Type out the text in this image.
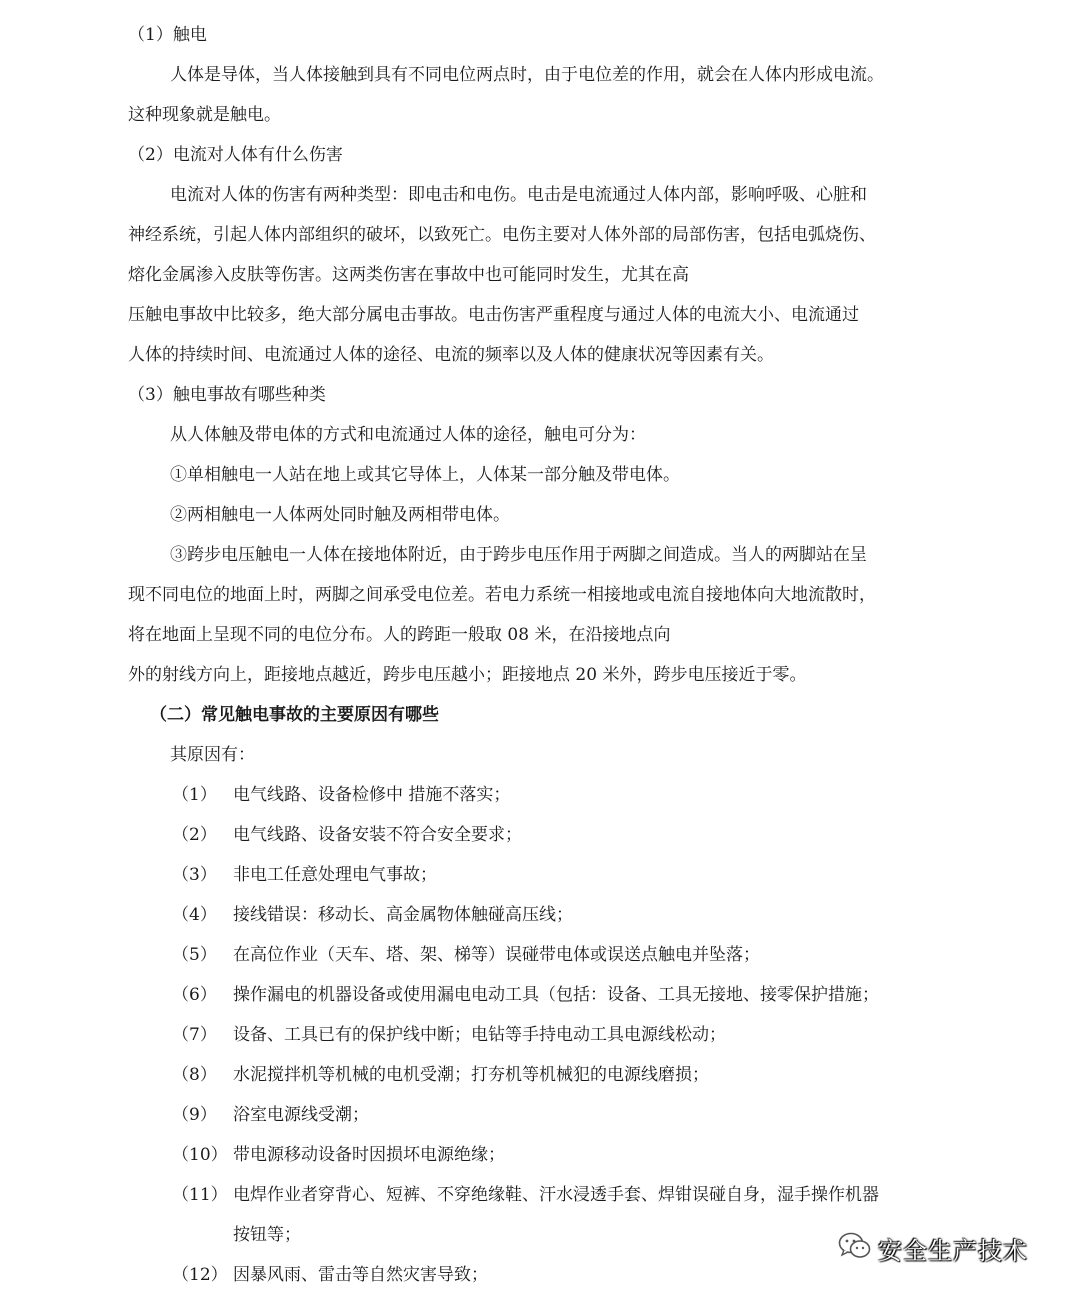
（1）触电
人体是导体，当人体接触到具有不同电位两点时，由于电位差的作用，就会在人体内形成电流。
这种现象就是触电。
（2）电流对人体有什么伤害
电流对人体的伤害有两种类型：即电击和电伤。电击是电流通过人体内部，影响呼吸、心脏和
神经系统，引起人体内部组织的破坏，以致死亡。电伤主要对人体外部的局部伤害，包括电弧烧伤、
熔化金属渗入皮肤等伤害。这两类伤害在事故中也可能同时发生，尤其在高
压触电事故中比较多，绝大部分属电击事故。电击伤害严重程度与通过人体的电流大小、电流通过
人体的持续时间、电流通过人体的途径、电流的频率以及人体的健康状况等因素有关。
（3）触电事故有哪些种类
从人体触及带电体的方式和电流通过人体的途径，触电可分为：
①单相触电一人站在地上或其它导体上，人体某一部分触及带电体。
②两相触电一人体两处同时触及两相带电体。
③跨步电压触电一人体在接地体附近，由于跨步电压作用于两脚之间造成。当人的两脚站在呈
现不同电位的地面上时，两脚之间承受电位差。若电力系统一相接地或电流自接地体向大地流散时，
将在地面上呈现不同的电位分布。人的跨距一般取 08 米，在沿接地点向
外的射线方向上，距接地点越近，跨步电压越小；距接地点 20 米外，跨步电压接近于零。
（二）常见触电事故的主要原因有哪些
其原因有：
（1） 电气线路、设备检修中 措施不落实；
（2） 电气线路、设备安装不符合安全要求；
（3） 非电工任意处理电气事故；
（4） 接线错误：移动长、高金属物体触碰高压线；
（5） 在高位作业（天车、塔、架、梯等）误碰带电体或误送点触电并坠落；
（6） 操作漏电的机器设备或使用漏电电动工具（包括：设备、工具无接地、接零保护措施；
（7） 设备、工具已有的保护线中断；电钻等手持电动工具电源线松动；
（8） 水泥搅拌机等机械的电机受潮；打夯机等机械犯的电源线磨损；
（9） 浴室电源线受潮；
（10） 带电源移动设备时因损坏电源绝缘；
（11） 电焊作业者穿背心、短裤、不穿绝缘鞋、汗水浸透手套、焊钳误碰自身，湿手操作机器
按钮等；
（12） 因暴风雨、雷击等自然灾害导致；
安全生产技术
